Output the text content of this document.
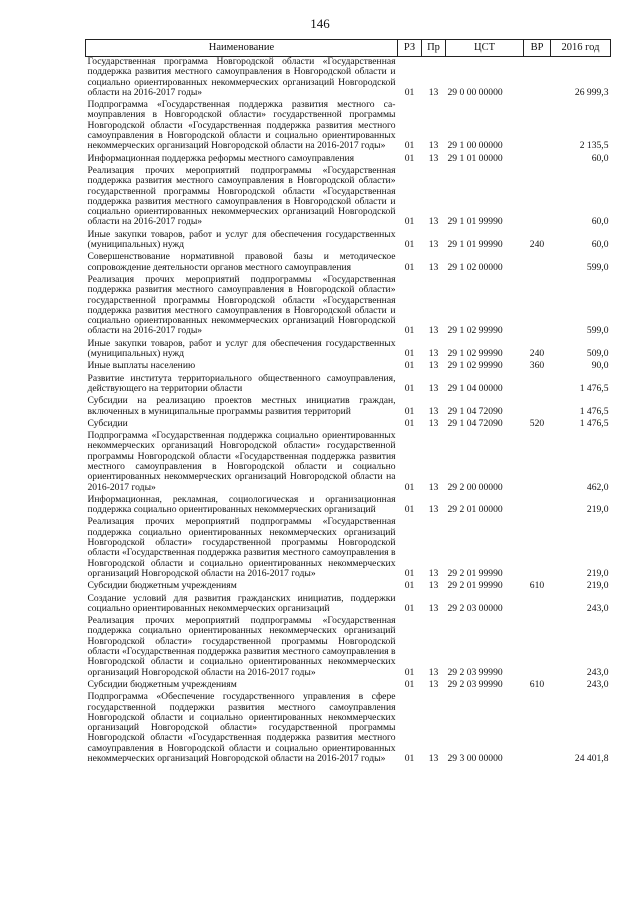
146
Наименование	РЗ	Пр	ЦСТ	ВР	2016 год
Государственная программа Новгородской области «Государственная поддержка развития местного самоуправления в Новгородской области и социально ориентированных некоммерческих организаций Новгородской области на 2016-2017 годы»	01	13	29 0 00 00000		26 999,3
Подпрограмма «Государственная поддержка развития местного самоуправления в Новгородской области» государственной программы Новгородской области «Государственная поддержка развития местного самоуправления в Новгородской области и социально ориентированных некоммерческих организаций Новгородской области на 2016-2017 годы»	01	13	29 1 00 00000		2 135,5
Информационная поддержка реформы местного самоуправления	01	13	29 1 01 00000		60,0
Реализация прочих мероприятий подпрограммы «Государственная поддержка развития местного самоуправления в Новгородской области» государственной программы Новгородской области «Государственная поддержка развития местного самоуправления в Новгородской области и социально ориентированных некоммерческих организаций Новгородской области на 2016-2017 годы»	01	13	29 1 01 99990		60,0
Иные закупки товаров, работ и услуг для обеспечения государственных (муниципальных) нужд	01	13	29 1 01 99990	240	60,0
Совершенствование нормативной правовой базы и методическое сопровождение деятельности органов местного самоуправления	01	13	29 1 02 00000		599,0
Реализация прочих мероприятий подпрограммы «Государственная поддержка развития местного самоуправления в Новгородской области» государственной программы Новгородской области «Государственная поддержка развития местного самоуправления в Новгородской области и социально ориентированных некоммерческих организаций Новгородской области на 2016-2017 годы»	01	13	29 1 02 99990		599,0
Иные закупки товаров, работ и услуг для обеспечения государственных (муниципальных) нужд	01	13	29 1 02 99990	240	509,0
Иные выплаты населению	01	13	29 1 02 99990	360	90,0
Развитие института территориального общественного самоуправления, действующего на территории области	01	13	29 1 04 00000		1 476,5
Субсидии на реализацию проектов местных инициатив граждан, включенных в муниципальные программы развития территорий	01	13	29 1 04 72090		1 476,5
Субсидии	01	13	29 1 04 72090	520	1 476,5
Подпрограмма «Государственная поддержка социально ориентированных некоммерческих организаций Новгородской области» государственной программы Новгородской области «Государственная поддержка развития местного самоуправления в Новгородской области и социально ориентированных некоммерческих организаций Новгородской области на 2016-2017 годы»	01	13	29 2 00 00000		462,0
Информационная, рекламная, социологическая и организационная поддержка социально ориентированных некоммерческих организаций	01	13	29 2 01 00000		219,0
Реализация прочих мероприятий подпрограммы «Государственная поддержка социально ориентированных некоммерческих организаций Новгородской области» государственной программы Новгородской области «Государственная поддержка развития местного самоуправления в Новгородской области и социально ориентированных некоммерческих организаций Новгородской области на 2016-2017 годы»	01	13	29 2 01 99990		219,0
Субсидии бюджетным учреждениям	01	13	29 2 01 99990	610	219,0
Создание условий для развития гражданских инициатив, поддержки социально ориентированных некоммерческих организаций	01	13	29 2 03 00000		243,0
Реализация прочих мероприятий подпрограммы «Государственная поддержка социально ориентированных некоммерческих организаций Новгородской области» государственной программы Новгородской области «Государственная поддержка развития местного самоуправления в Новгородской области и социально ориентированных некоммерческих организаций Новгородской области на 2016-2017 годы»	01	13	29 2 03 99990		243,0
Субсидии бюджетным учреждениям	01	13	29 2 03 99990	610	243,0
Подпрограмма «Обеспечение государственного управления в сфере государственной поддержки развития местного самоуправления Новгородской области и социально ориентированных некоммерческих организаций Новгородской области» государственной программы Новгородской области «Государственная поддержка развития местного самоуправления в Новгородской области и социально ориентированных некоммерческих организаций Новгородской области на 2016-2017 годы»	01	13	29 3 00 00000		24 401,8
